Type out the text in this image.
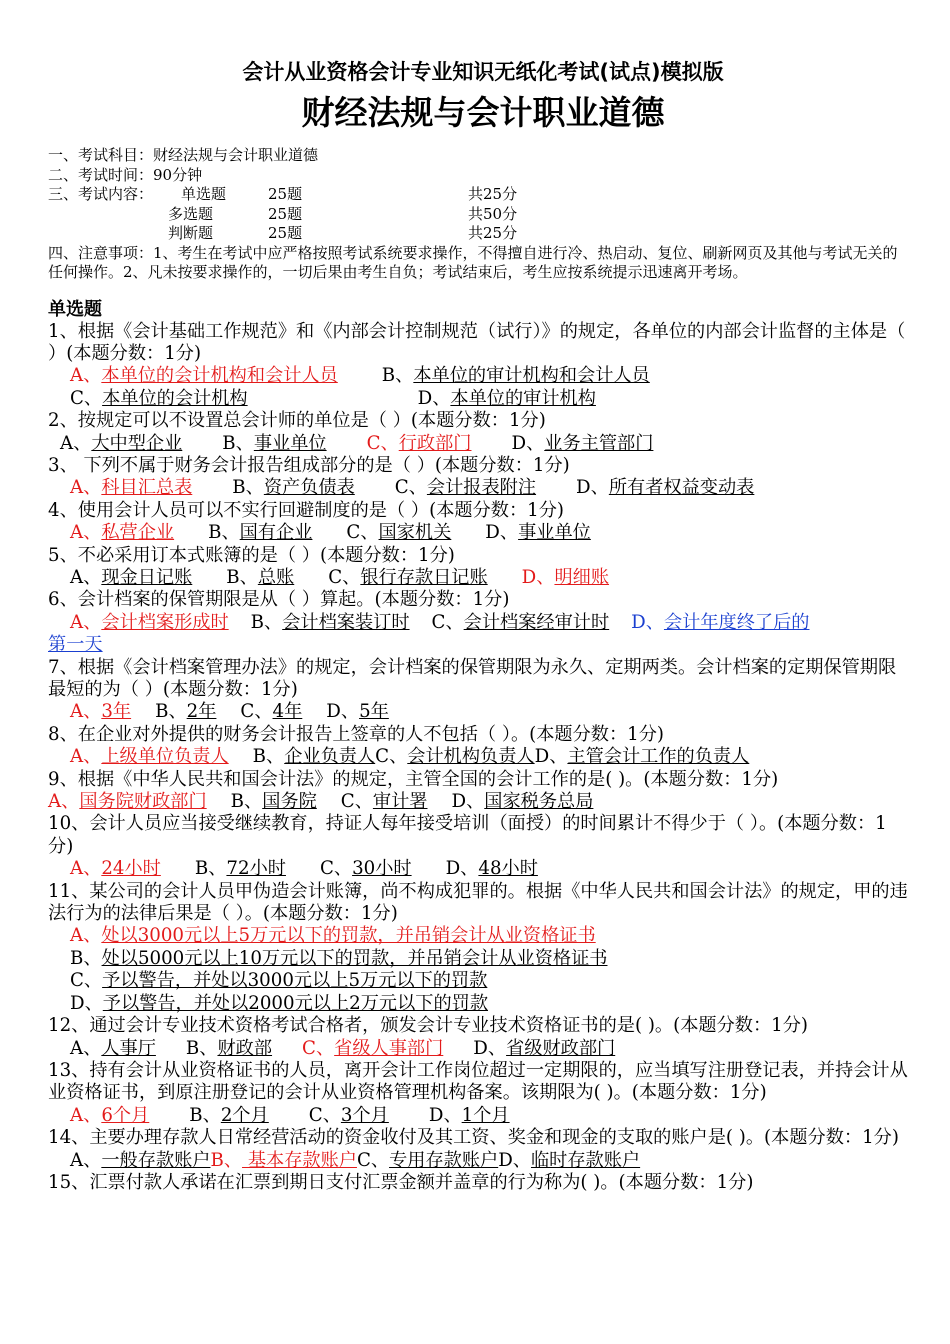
会计从业资格会计专业知识无纸化考试(试点)模拟版
财经法规与会计职业道德
一、考试科目：财经法规与会计职业道德
二、考试时间：90分钟
三、考试内容： 单选题	25题	共25分
多选题	25题	共50分
判断题	25题	共25分
四、注意事项：1、考生在考试中应严格按照考试系统要求操作，不得擅自进行冷、热启动、复位、刷新网页及其他与考试无关的任何操作。2、凡未按要求操作的，一切后果由考生自负；考试结束后，考生应按系统提示迅速离开考场。
单选题
1、根据《会计基础工作规范》和《内部会计控制规范（试行）》的规定，各单位的内部会计监督的主体是（ ）(本题分数：1分)
A、本单位的会计机构和会计人员 B、本单位的审计机构和会计人员
C、本单位的会计机构	D、本单位的审计机构
2、按规定可以不设置总会计师的单位是（ ）(本题分数：1分)
A、大中型企业 B、事业单位 C、行政部门 D、业务主管部门
3、 下列不属于财务会计报告组成部分的是（ ）(本题分数：1分)
A、科目汇总表 B、资产负债表 C、会计报表附注 D、所有者权益变动表
4、使用会计人员可以不实行回避制度的是（ ）(本题分数：1分)
A、私营企业 B、国有企业 C、国家机关 D、事业单位
5、不必采用订本式账簿的是（ ）(本题分数：1分)
A、现金日记账 B、总账 C、银行存款日记账 D、明细账
6、会计档案的保管期限是从（ ）算起。(本题分数：1分)
A、会计档案形成时 B、会计档案装订时 C、会计档案经审计时 D、会计年度终了后的
第一天
7、根据《会计档案管理办法》的规定，会计档案的保管期限为永久、定期两类。会计档案的定期保管期限最短的为（ ）(本题分数：1分)
A、3年 B、2年 C、4年 D、5年
8、在企业对外提供的财务会计报告上签章的人不包括（ ）。(本题分数：1分)
A、上级单位负责人 B、企业负责人C、会计机构负责人D、主管会计工作的负责人
9、根据《中华人民共和国会计法》的规定，主管全国的会计工作的是( )。(本题分数：1分)
A、国务院财政部门 B、国务院 C、审计署 D、国家税务总局
10、会计人员应当接受继续教育，持证人每年接受培训（面授）的时间累计不得少于（ ）。(本题分数：1分)
A、24小时 B、72小时 C、30小时 D、48小时
11、某公司的会计人员甲伪造会计账簿，尚不构成犯罪的。根据《中华人民共和国会计法》的规定，甲的违法行为的法律后果是（ ）。(本题分数：1分)
A、处以3000元以上5万元以下的罚款，并吊销会计从业资格证书
B、处以5000元以上10万元以下的罚款，并吊销会计从业资格证书
C、予以警告，并处以3000元以上5万元以下的罚款
D、予以警告，并处以2000元以上2万元以下的罚款
12、通过会计专业技术资格考试合格者，颁发会计专业技术资格证书的是( )。(本题分数：1分)
A、人事厅 B、财政部 C、省级人事部门 D、省级财政部门
13、持有会计从业资格证书的人员，离开会计工作岗位超过一定期限的，应当填写注册登记表，并持会计从业资格证书，到原注册登记的会计从业资格管理机构备案。该期限为( )。(本题分数：1分)
A、6个月 B、2个月 C、3个月 D、1个月
14、主要办理存款人日常经营活动的资金收付及其工资、奖金和现金的支取的账户是( )。(本题分数：1分)
A、一般存款账户B、 基本存款账户C、专用存款账户D、临时存款账户
15、汇票付款人承诺在汇票到期日支付汇票金额并盖章的行为称为( )。(本题分数：1分)
